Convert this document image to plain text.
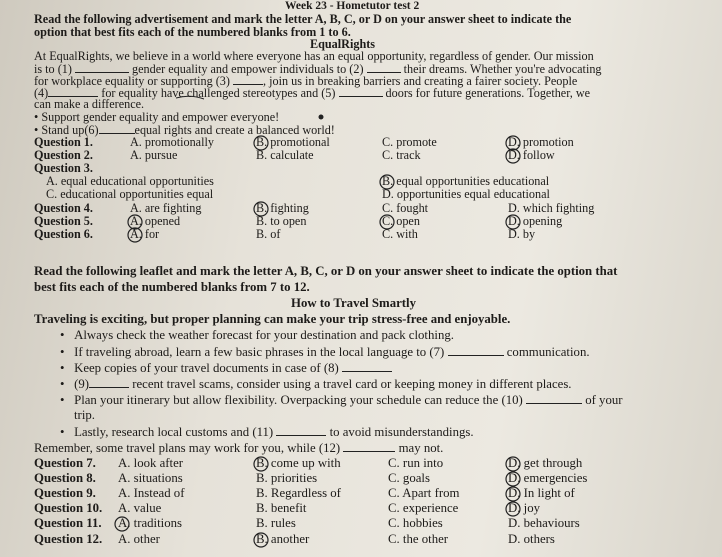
Week 23 - Hometutor test 2
Read the following advertisement and mark the letter A, B, C, or D on your answer sheet to indicate the
option that best fits each of the numbered blanks from 1 to 6.
EqualRights
At EqualRights, we believe in a world where everyone has an equal opportunity, regardless of gender. Our mission
is to (1)	gender equality and empower individuals to (2)	their dreams. Whether you're advocating
for workplace equality or supporting (3)	, join us in breaking barriers and creating a fairer society. People
(4)	for equality have challenged stereotypes and (5)	doors for future generations. Together, we
can make a difference.
• Support gender equality and empower everyone!
• Stand up(6)	equal rights and create a balanced world!
Question 1.	A. promotionally	B. promotional	C. promote	D. promotion
Question 2.	A. pursue	B. calculate	C. track	D. follow
Question 3.
A. equal educational opportunities	B. equal opportunities educational
C. educational opportunities equal	D. opportunities equal educational
Question 4.	A. are fighting	B. fighting	C. fought	D. which fighting
Question 5.	A. opened	B. to open	C. open	D. opening
Question 6.	A. for	B. of	C. with	D. by
Read the following leaflet and mark the letter A, B, C, or D on your answer sheet to indicate the option that
best fits each of the numbered blanks from 7 to 12.
How to Travel Smartly
Traveling is exciting, but proper planning can make your trip stress-free and enjoyable.
•   Always check the weather forecast for your destination and pack clothing.
•   If traveling abroad, learn a few basic phrases in the local language to (7)	communication.
•   Keep copies of your travel documents in case of (8)
•   (9)	recent travel scams, consider using a travel card or keeping money in different places.
•   Plan your itinerary but allow flexibility. Overpacking your schedule can reduce the (10)	of your
trip.
•   Lastly, research local customs and (11)	to avoid misunderstandings.
Remember, some travel plans may work for you, while (12)	may not.
Question 7. A. look after	B. come up with	C. run into	D. get through
Question 8. A. situations	B. priorities	C. goals	D. emergencies
Question 9. A. Instead of	B. Regardless of	C. Apart from	D. In light of
Question 10. A. value	B. benefit	C. experience	D. joy
Question 11. A. traditions	B. rules	C. hobbies	D. behaviours
Question 12. A. other	B. another	C. the other	D. others
